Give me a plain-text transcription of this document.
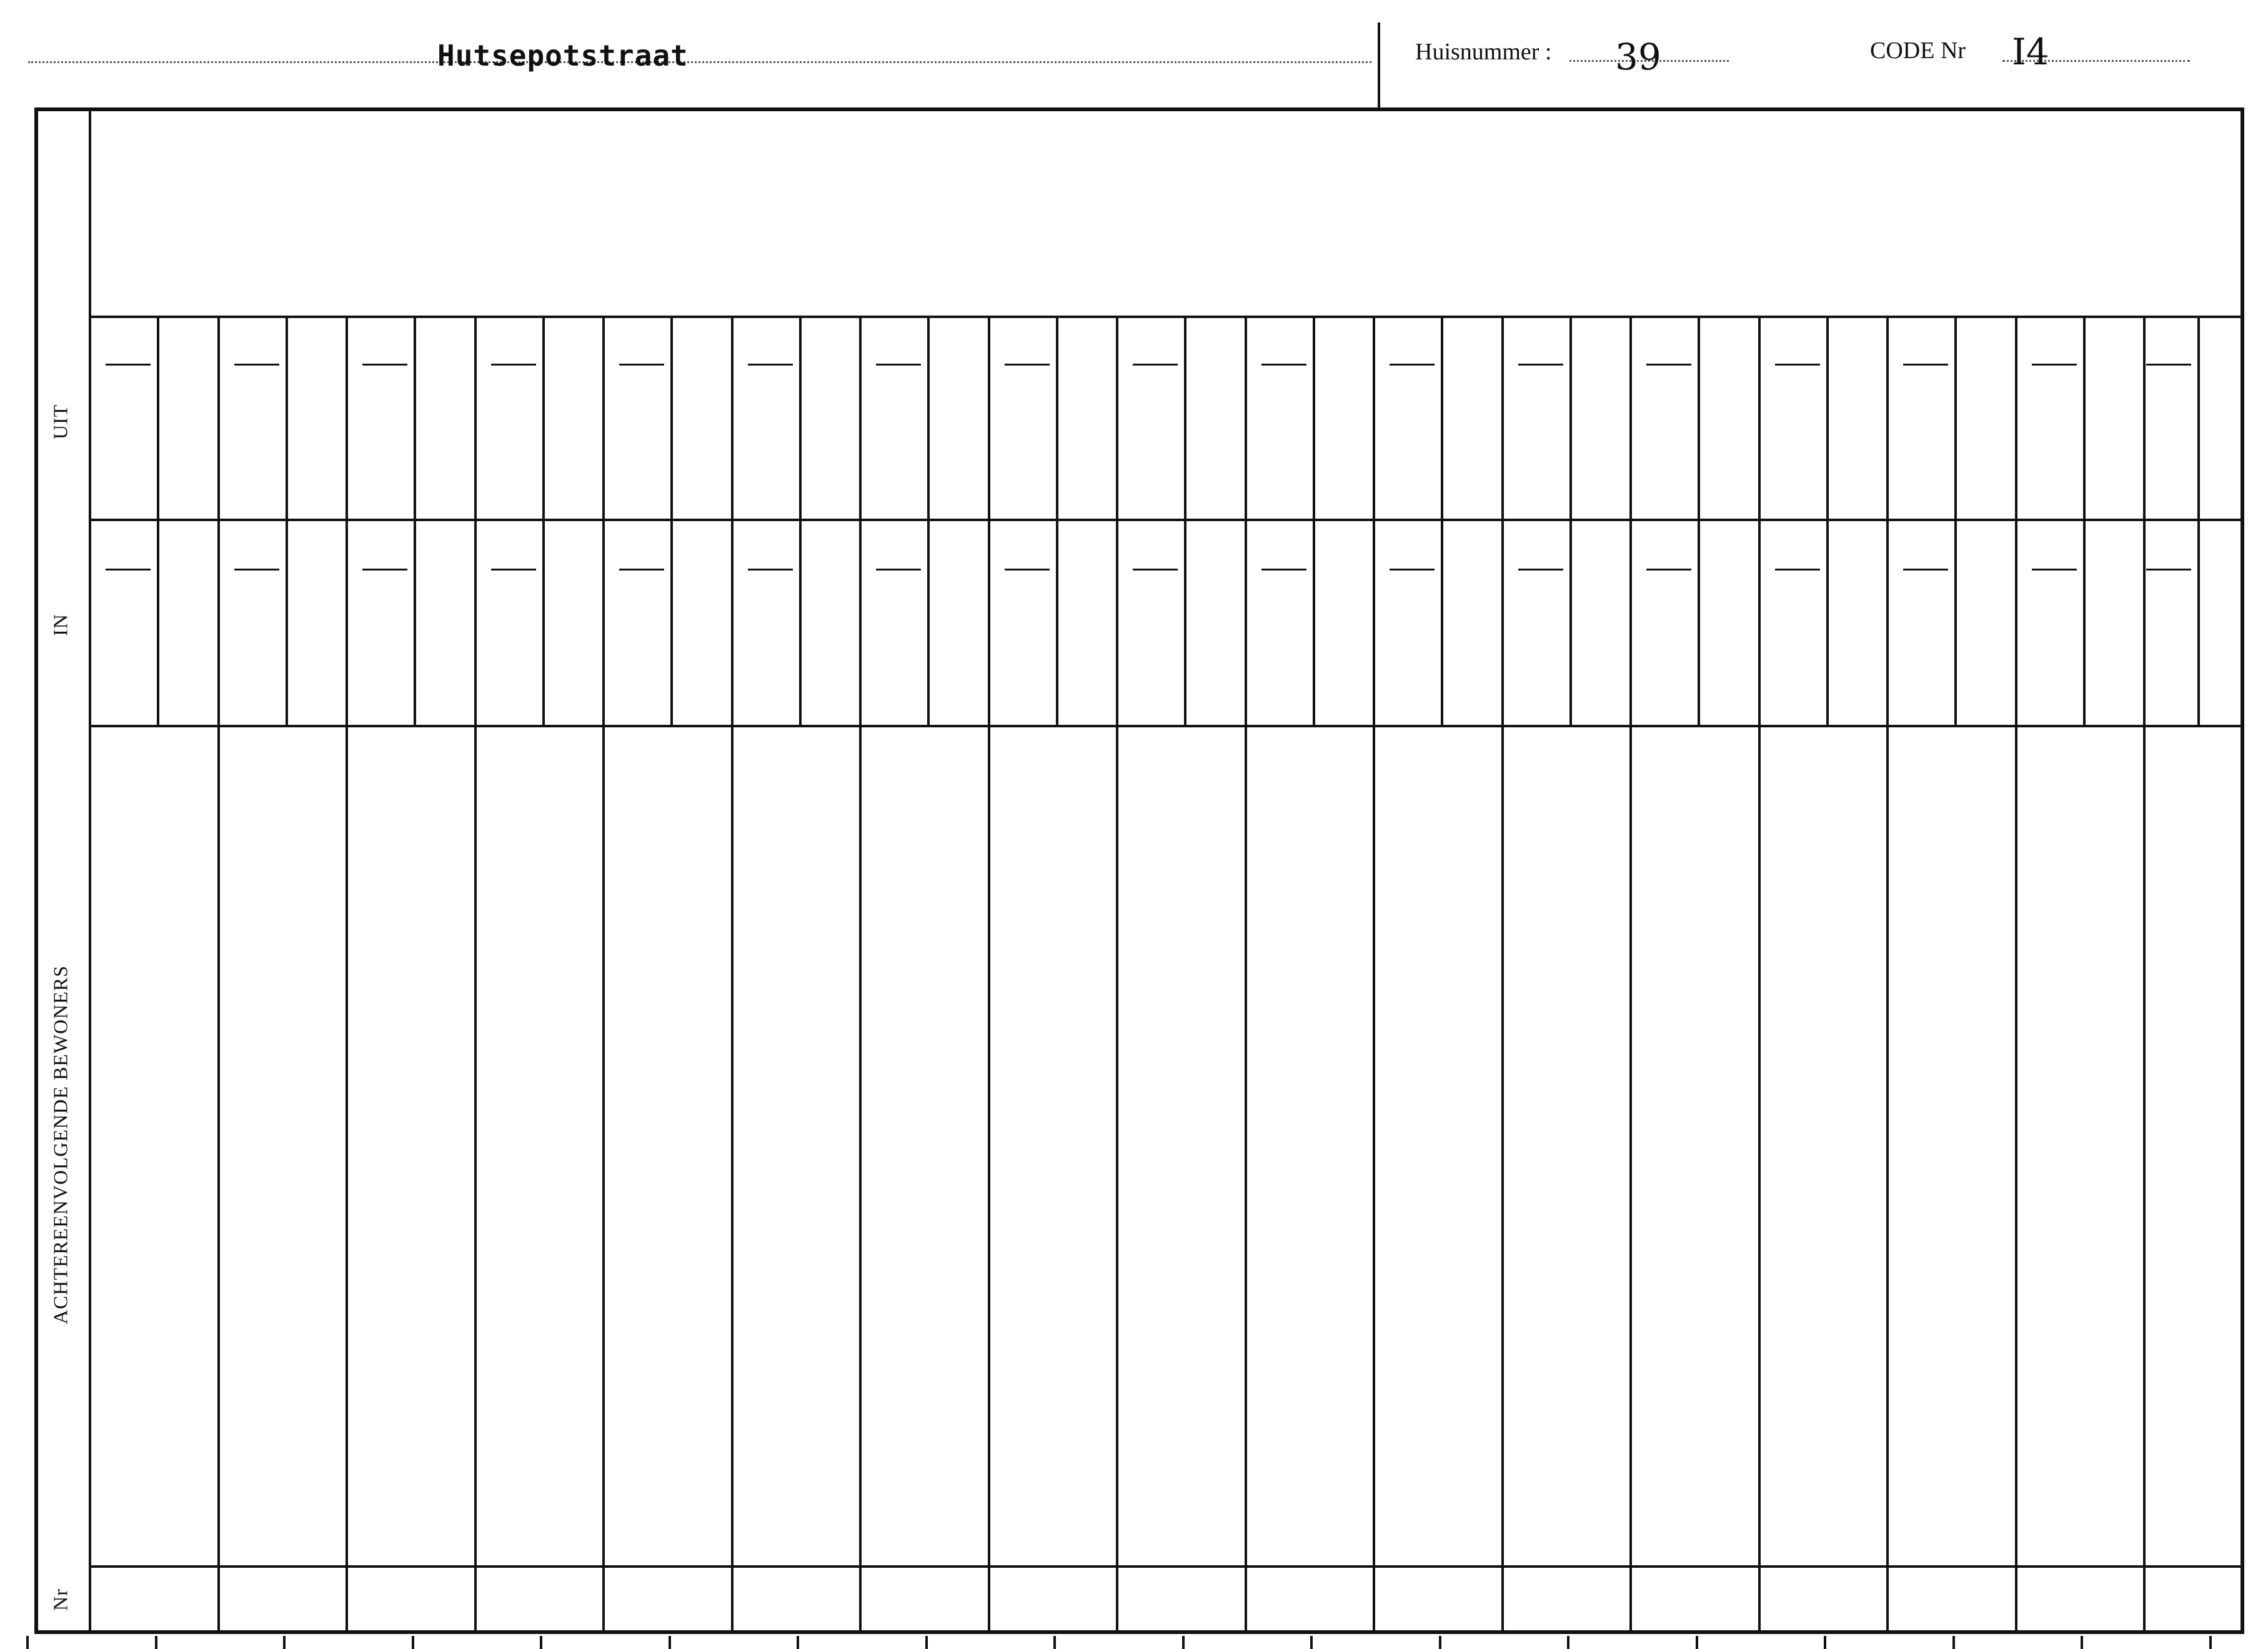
Hutsepotstraat	Huisnummer : 39	CODE Nr I4
UIT
IN
ACHTEREENVOLGENDE BEWONERS
Nr
